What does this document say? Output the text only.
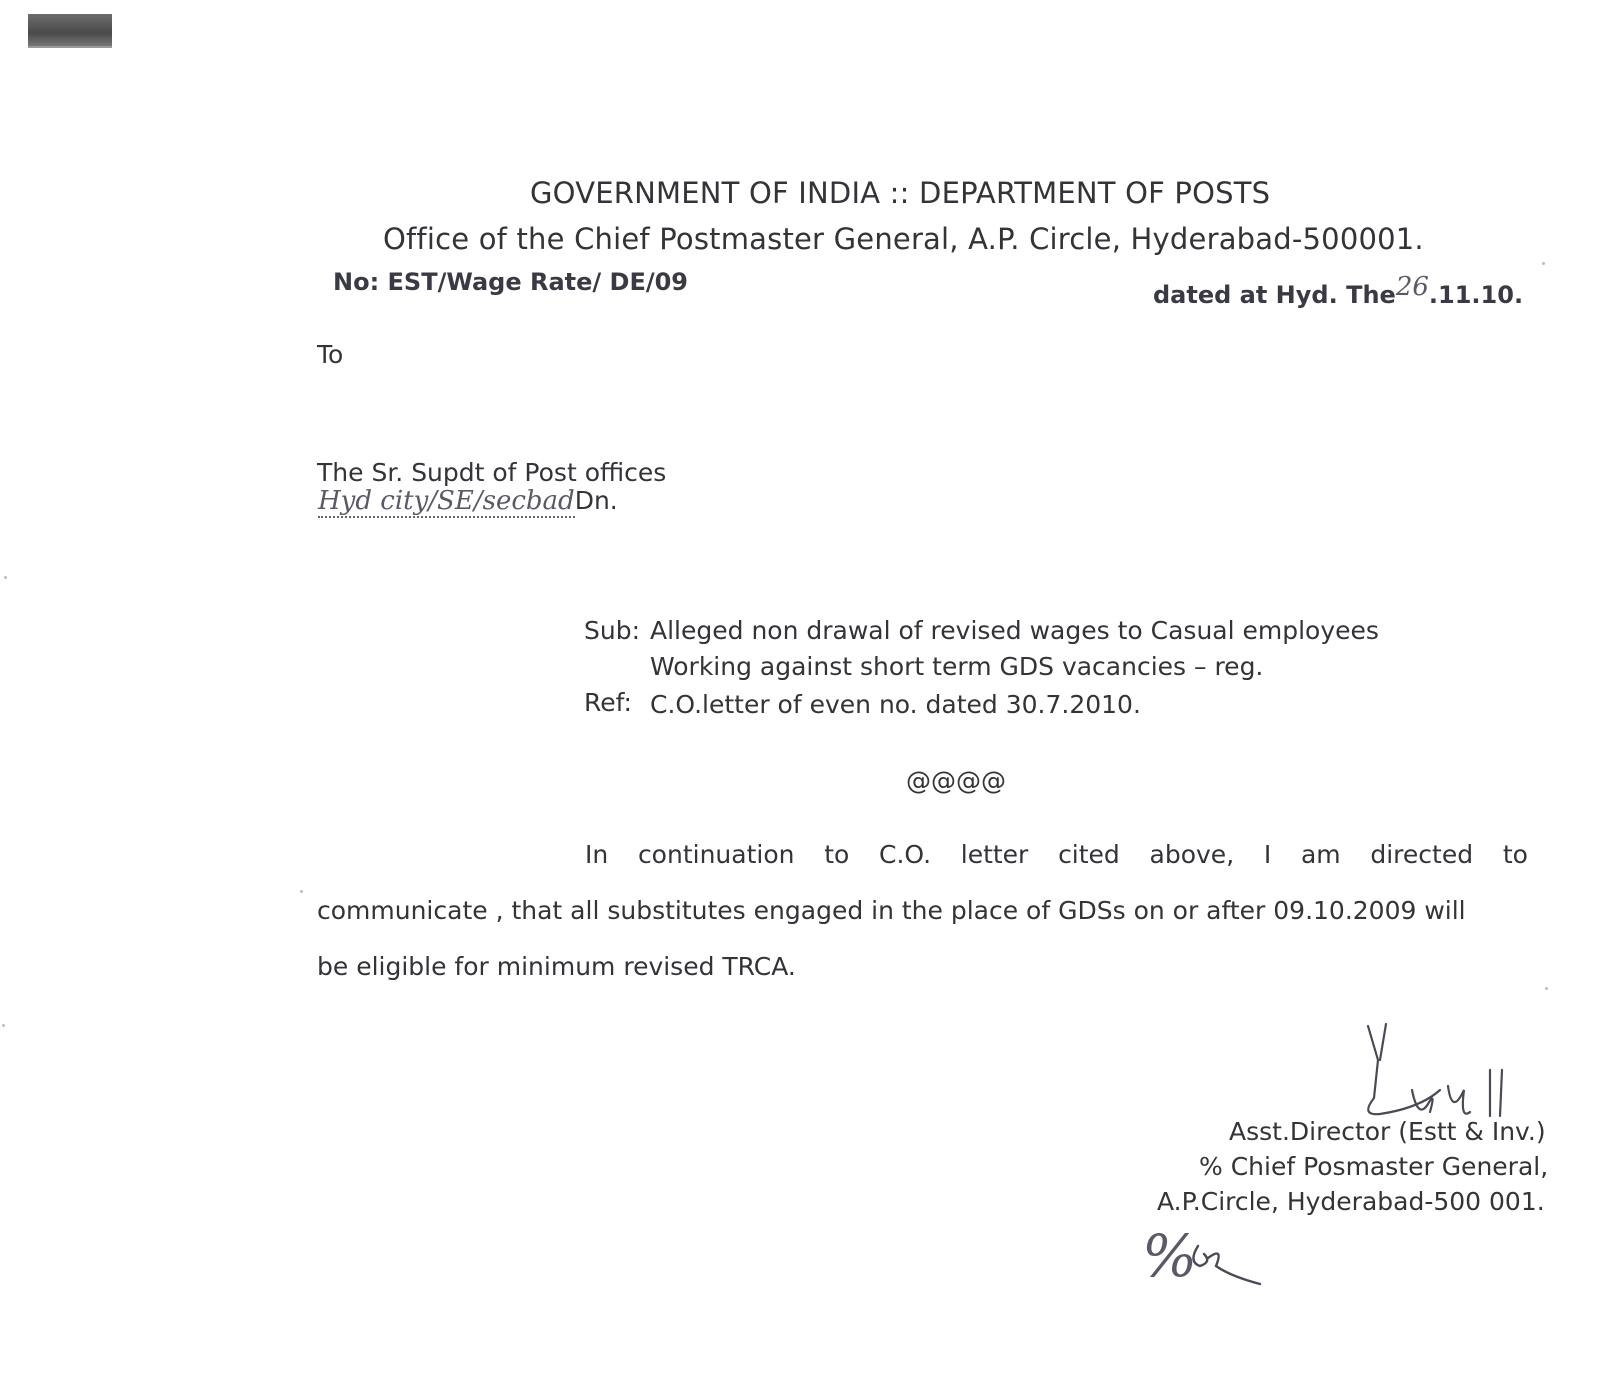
GOVERNMENT OF INDIA :: DEPARTMENT OF POSTS
Office of the Chief Postmaster General, A.P. Circle, Hyderabad-500001.
No: EST/Wage Rate/ DE/09	dated at Hyd. The26.11.10.
To
The Sr. Supdt of Post offices
Hyd city/SE/secbadDn.
Sub: Alleged non drawal of revised wages to Casual employees
Working against short term GDS vacancies – reg.
Ref: C.O.letter of even no. dated 30.7.2010.
@@@@
In continuation to C.O. letter cited above, I am directed to
communicate , that all substitutes engaged in the place of GDSs on or after 09.10.2009 will
be eligible for minimum revised TRCA.
Asst.Director (Estt & Inv.)
% Chief Posmaster General,
A.P.Circle, Hyderabad-500 001.
%
